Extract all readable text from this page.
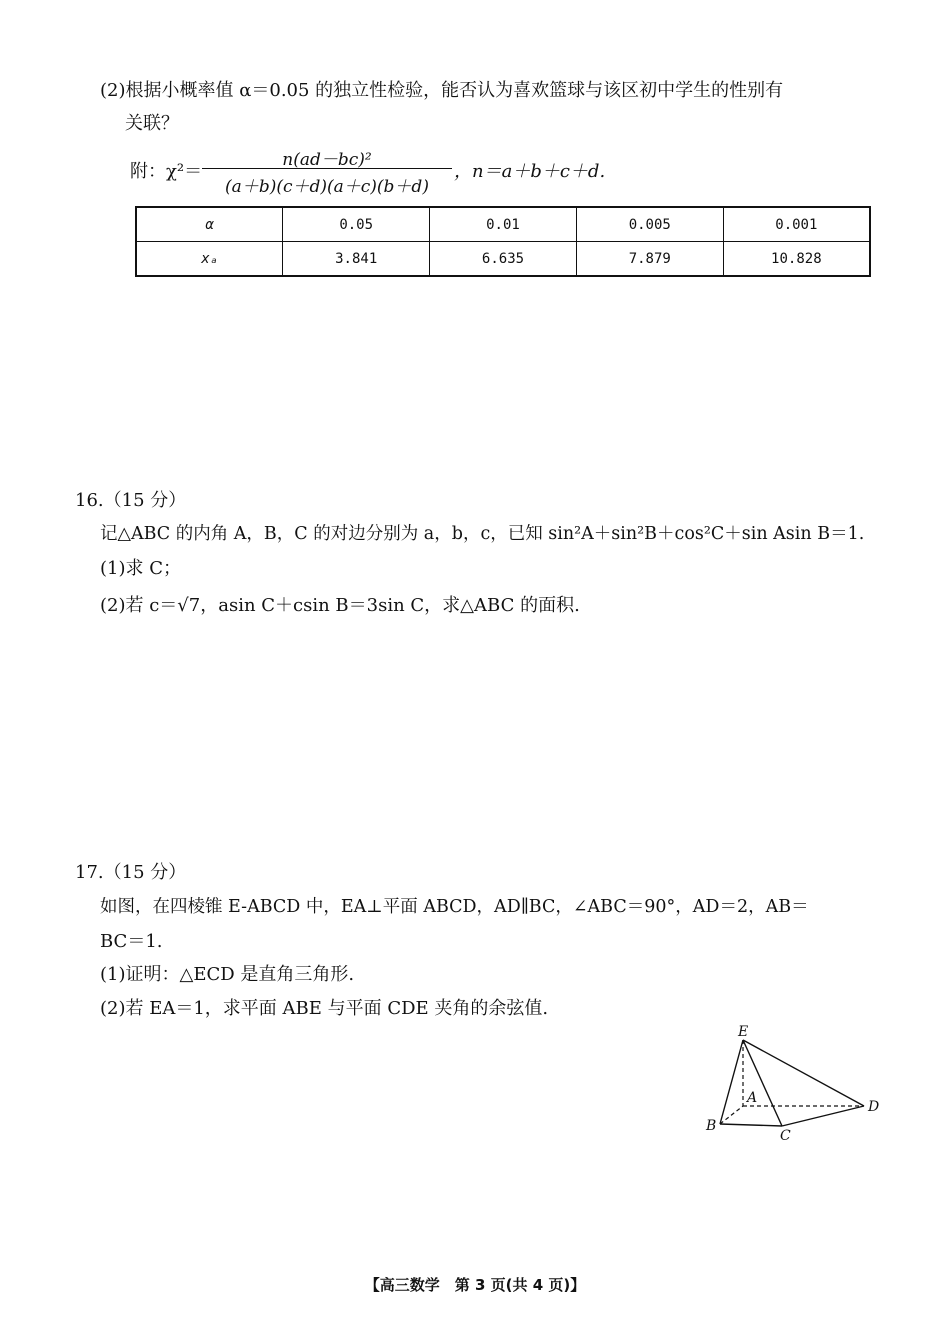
(2)根据小概率值 α＝0.05 的独立性检验，能否认为喜欢篮球与该区初中学生的性别有
关联？
附：χ²＝
n(ad－bc)²
(a＋b)(c＋d)(a＋c)(b＋d)
，n＝a＋b＋c＋d.
α	0.05	0.01	0.005	0.001
xₐ	3.841	6.635	7.879	10.828
16.（15 分）
记△ABC 的内角 A，B，C 的对边分别为 a，b，c，已知 sin²A＋sin²B＋cos²C＋sin Asin B＝1.
(1)求 C；
(2)若 c＝√7，asin C＋csin B＝3sin C，求△ABC 的面积.
17.（15 分）
如图，在四棱锥 E-ABCD 中，EA⊥平面 ABCD，AD∥BC，∠ABC＝90°，AD＝2，AB＝
BC＝1.
(1)证明：△ECD 是直角三角形.
(2)若 EA＝1，求平面 ABE 与平面 CDE 夹角的余弦值.
E
A
B
C
D
【高三数学　第 3 页(共 4 页)】
